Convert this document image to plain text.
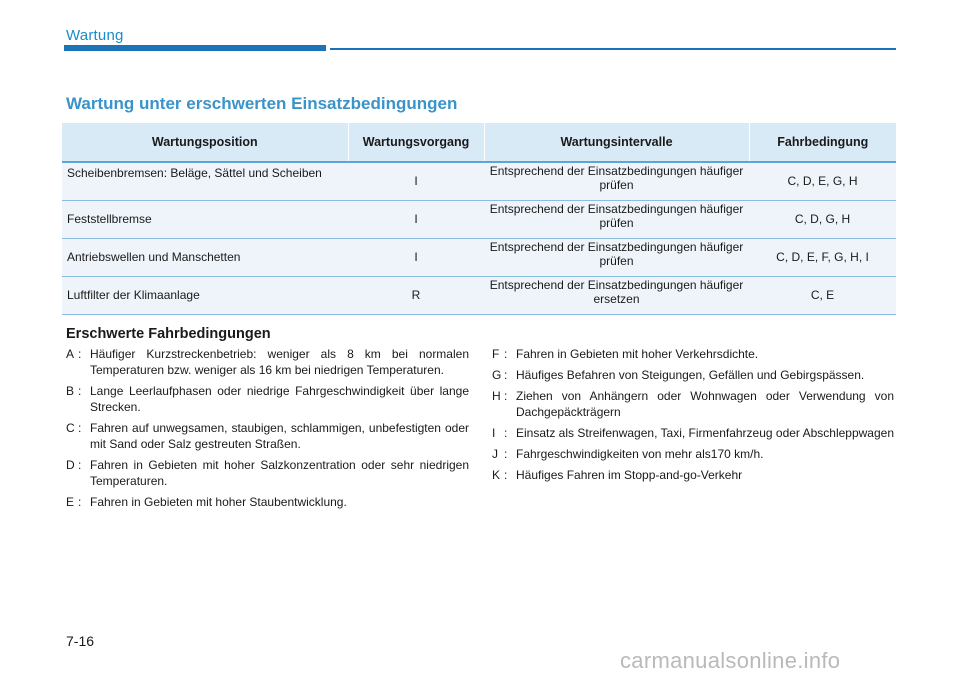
Wartung
Wartung unter erschwerten Einsatzbedingungen
Wartungsposition	Wartungsvorgang	Wartungsintervalle	Fahrbedingung
Scheibenbremsen: Beläge, Sättel und Scheiben	I	Entsprechend der Einsatzbedingungen häufiger prüfen	C, D, E, G, H
Feststellbremse	I	Entsprechend der Einsatzbedingungen häufiger prüfen	C, D, G, H
Antriebswellen und Manschetten	I	Entsprechend der Einsatzbedingungen häufiger prüfen	C, D, E, F, G, H, I
Luftfilter der Klimaanlage	R	Entsprechend der Einsatzbedingungen häufiger ersetzen	C, E
Erschwerte Fahrbedingungen
A : Häufiger Kurzstreckenbetrieb: weniger als 8 km bei normalen Temperaturen bzw. weniger als 16 km bei niedrigen Temperaturen.
B : Lange Leerlaufphasen oder niedrige Fahrgeschwindigkeit über lange Strecken.
C : Fahren auf unwegsamen, staubigen, schlammigen, unbefestigten oder mit Sand oder Salz gestreuten Straßen.
D : Fahren in Gebieten mit hoher Salzkonzentration oder sehr niedrigen Temperaturen.
E : Fahren in Gebieten mit hoher Staubentwicklung.
F : Fahren in Gebieten mit hoher Verkehrsdichte.
G : Häufiges Befahren von Steigungen, Gefällen und Gebirgspässen.
H : Ziehen von Anhängern oder Wohnwagen oder Verwendung von Dachgepäckträgern
I : Einsatz als Streifenwagen, Taxi, Firmenfahrzeug oder Abschleppwagen
J : Fahrgeschwindigkeiten von mehr als170 km/h.
K : Häufiges Fahren im Stopp-and-go-Verkehr
7-16
carmanualsonline.info
